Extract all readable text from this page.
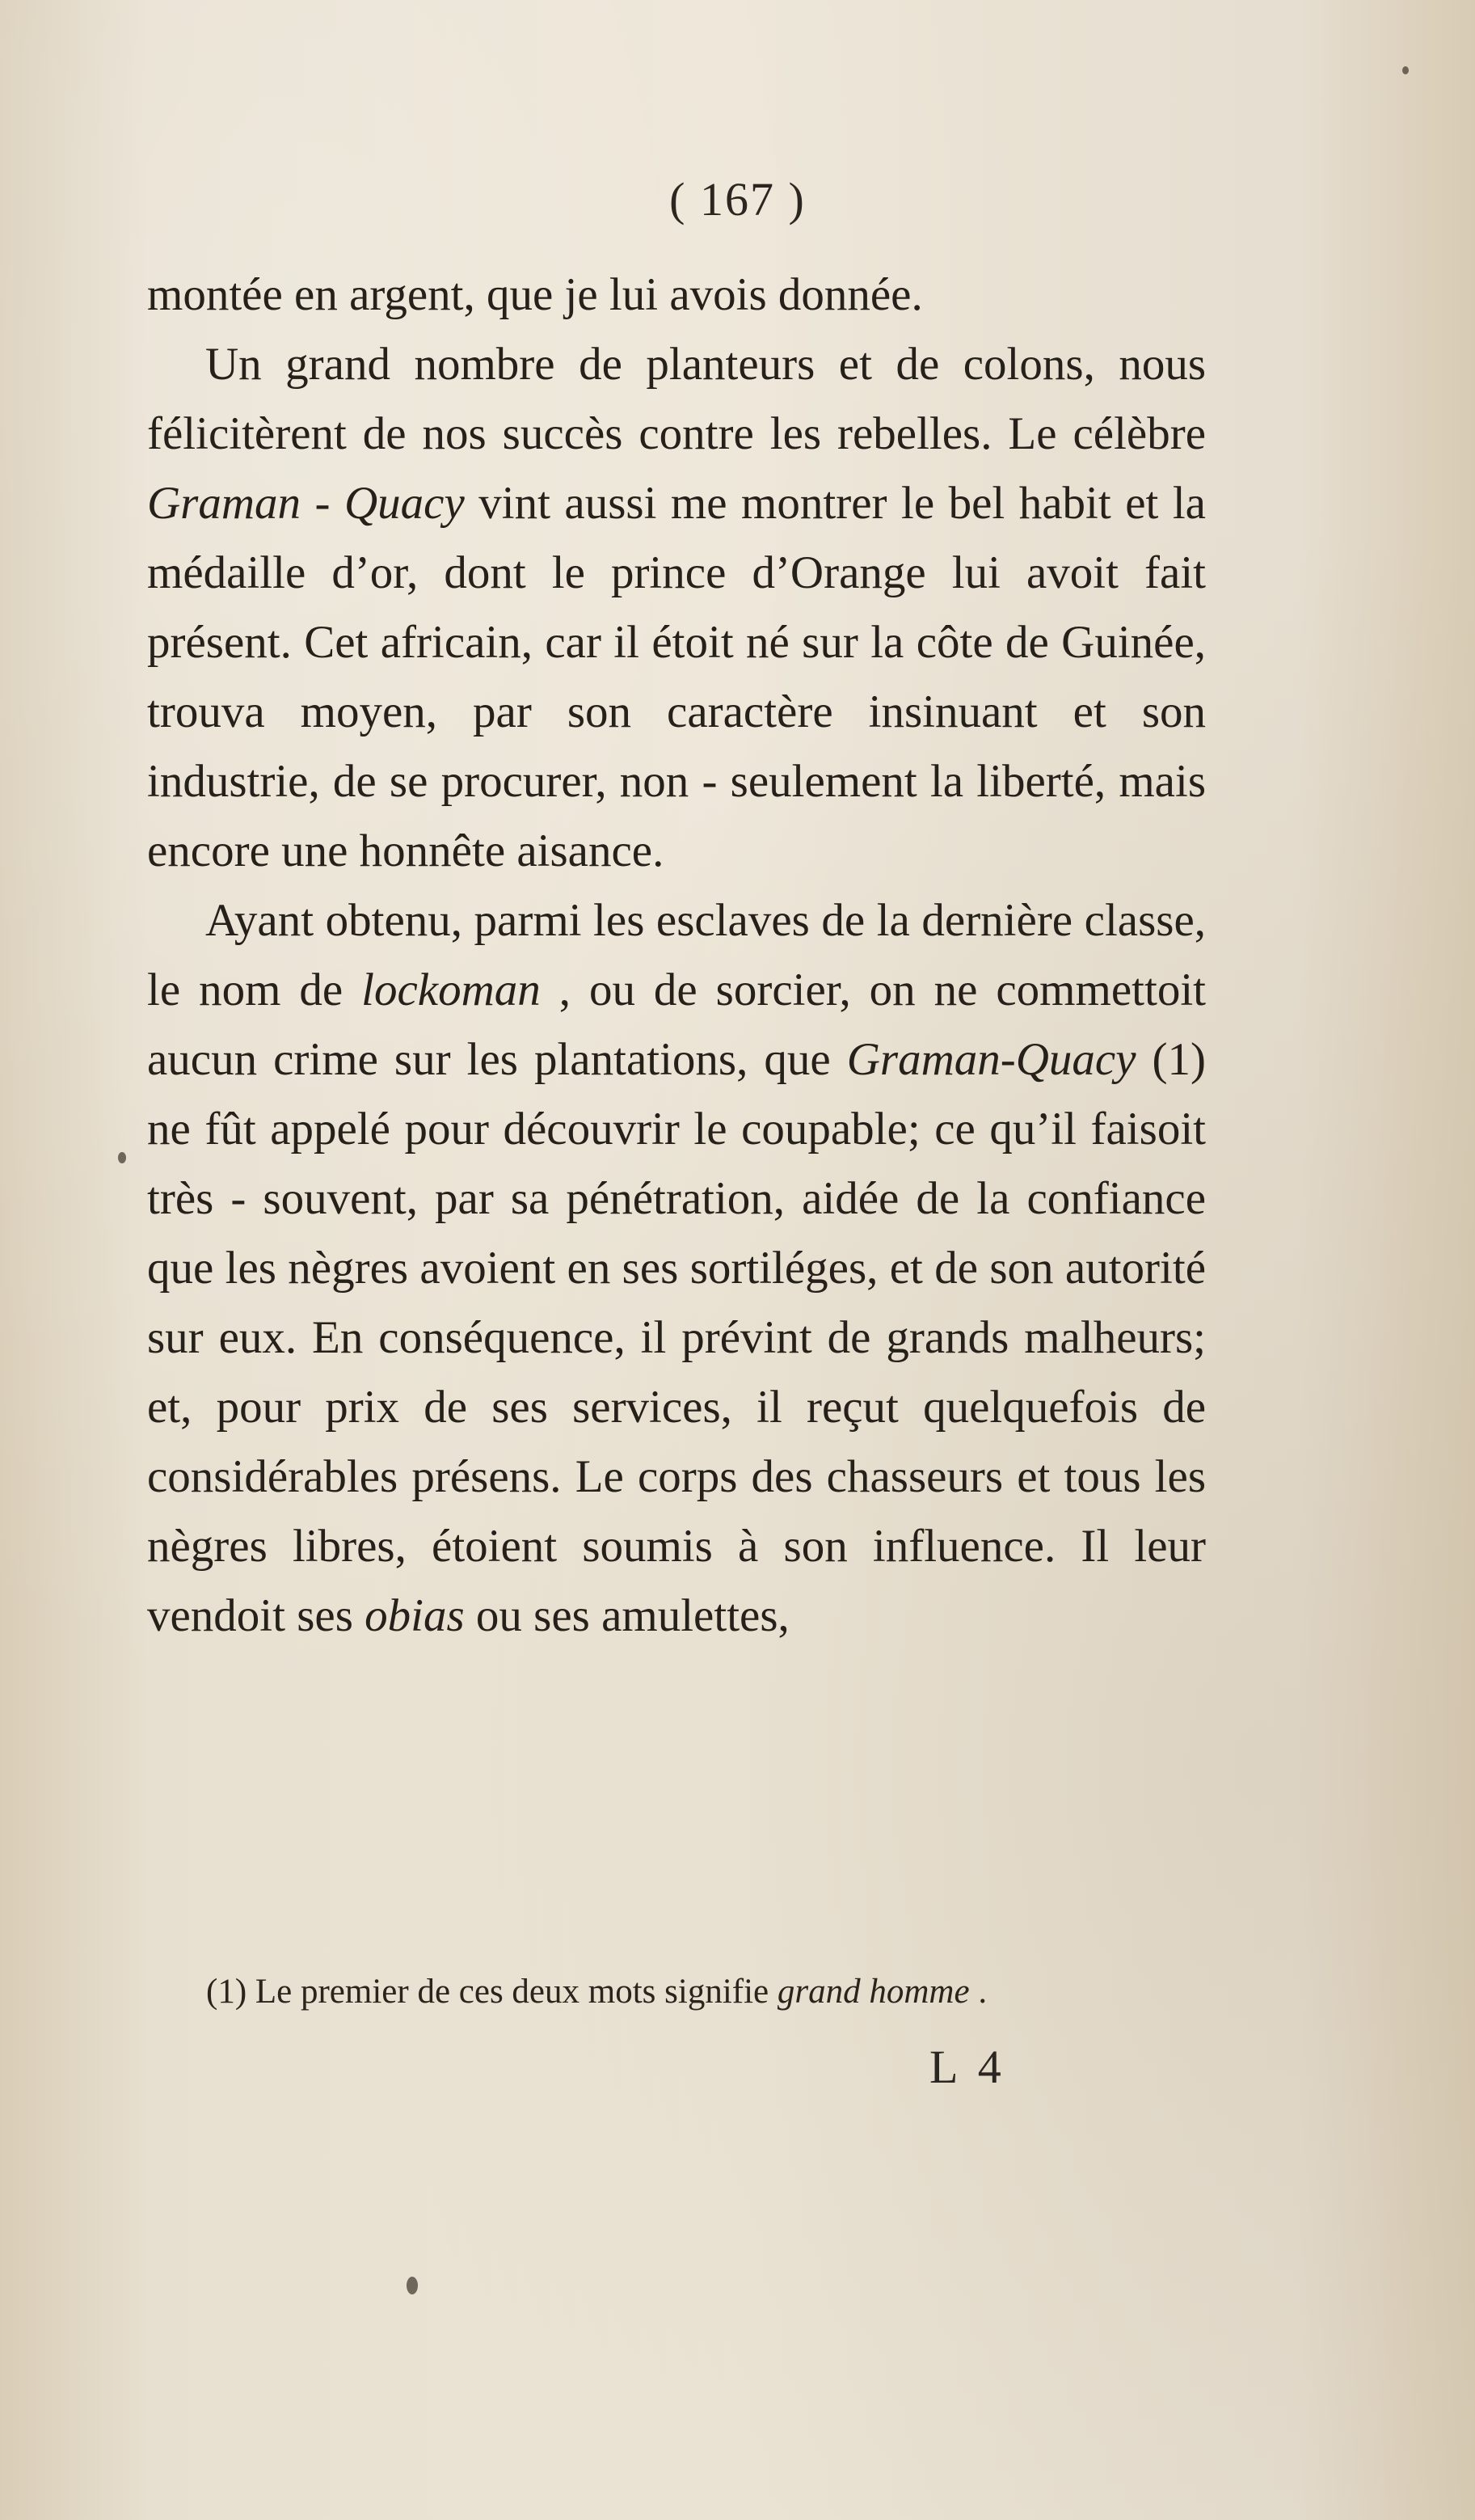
( 167 )

montée en argent, que je lui avois donnée.

Un grand nombre de planteurs et de colons, nous félicitèrent de nos succès contre les rebelles. Le célèbre Graman - Quacy vint aussi me montrer le bel habit et la médaille d’or, dont le prince d’Orange lui avoit fait présent. Cet africain, car il étoit né sur la côte de Guinée, trouva moyen, par son caractère insinuant et son industrie, de se procurer, non - seulement la liberté, mais encore une honnête aisance.

Ayant obtenu, parmi les esclaves de la dernière classe, le nom de lockoman , ou de sorcier, on ne commettoit aucun crime sur les plantations, que Graman-Quacy (1) ne fût appelé pour découvrir le coupable; ce qu’il faisoit très - souvent, par sa pénétration, aidée de la confiance que les nègres avoient en ses sortiléges, et de son autorité sur eux. En conséquence, il prévint de grands malheurs; et, pour prix de ses services, il reçut quelquefois de considérables présens. Le corps des chasseurs et tous les nègres libres, étoient soumis à son influence. Il leur vendoit ses obias ou ses amulettes,

(1) Le premier de ces deux mots signifie grand homme .
L 4
